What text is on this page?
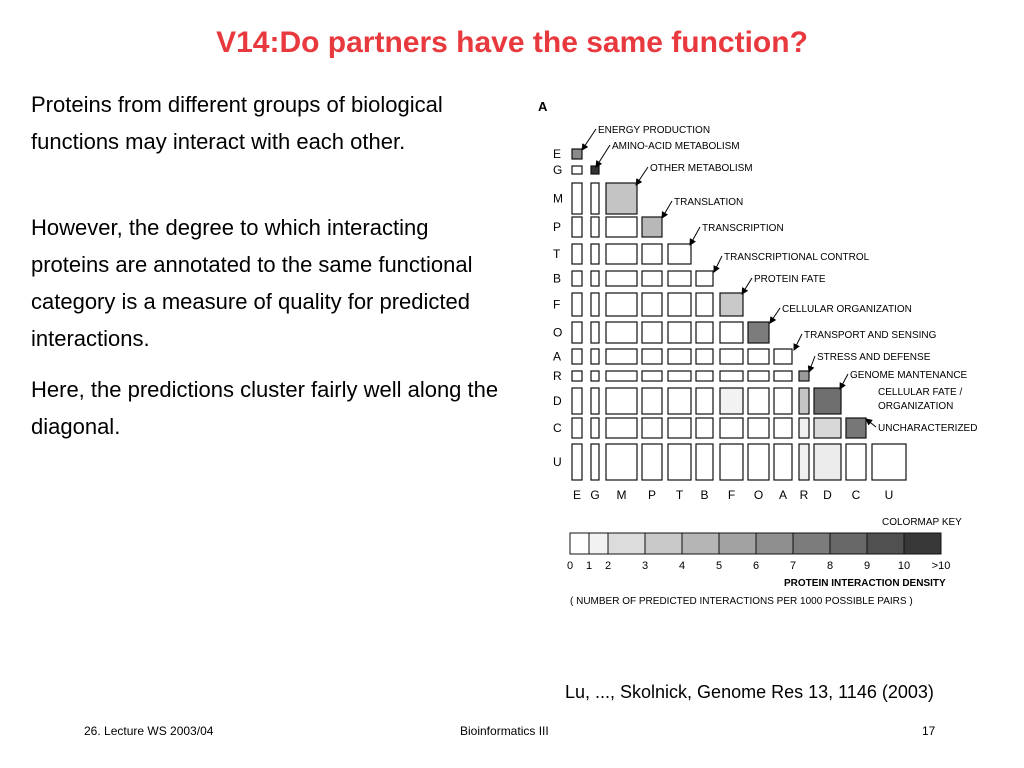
V14:Do partners have the same function?

Proteins from different groups of biological functions may interact with each other.

However, the degree to which interacting proteins are annotated to the same functional category is a measure of quality for predicted interactions.

Here, the predictions cluster fairly well along the diagonal.

A
E
G
M
P
T
B
F
O
A
R
D
C
U
E G M P T B F O A R D C U
ENERGY PRODUCTION
AMINO-ACID METABOLISM
OTHER METABOLISM
TRANSLATION
TRANSCRIPTION
TRANSCRIPTIONAL CONTROL
PROTEIN FATE
CELLULAR ORGANIZATION
TRANSPORT AND SENSING
STRESS AND DEFENSE
GENOME MANTENANCE
CELLULAR FATE /
ORGANIZATION
UNCHARACTERIZED
COLORMAP KEY
0 1 2	3	4	5	6	7	8	9	10 >10
PROTEIN INTERACTION DENSITY
( NUMBER OF PREDICTED INTERACTIONS PER 1000 POSSIBLE PAIRS )
Lu, ..., Skolnick, Genome Res 13, 1146 (2003)
26. Lecture WS 2003/04	Bioinformatics III	17
